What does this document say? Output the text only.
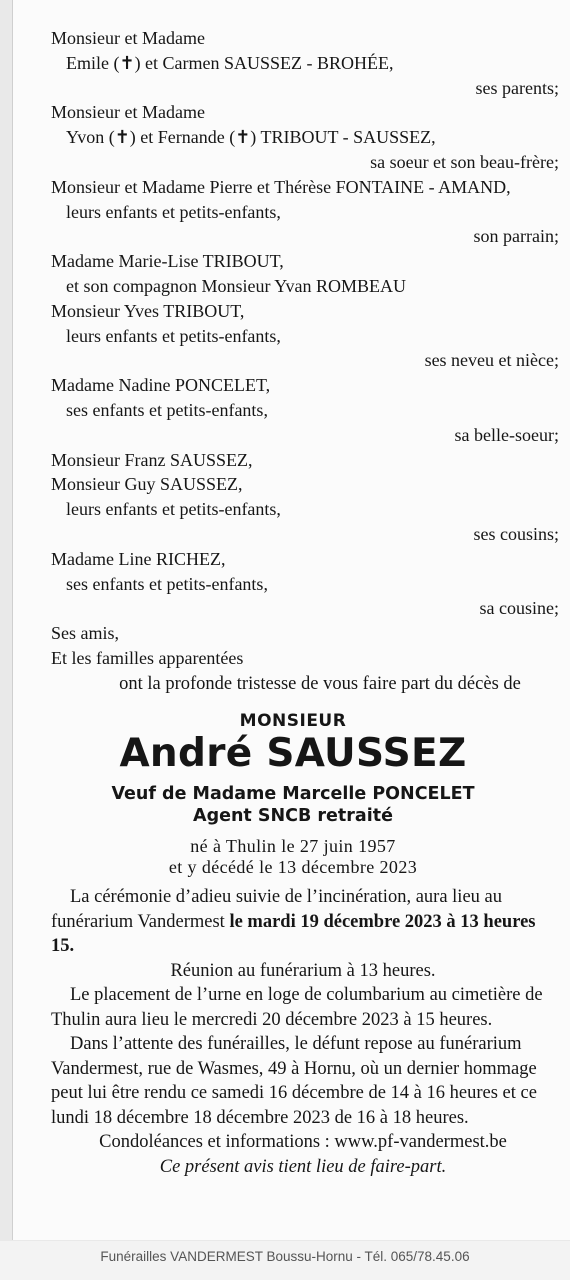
Monsieur et Madame
Emile (✝) et Carmen SAUSSEZ - BROHÉE,
ses parents;
Monsieur et Madame
Yvon (✝) et Fernande (✝) TRIBOUT - SAUSSEZ,
sa soeur et son beau-frère;
Monsieur et Madame Pierre et Thérèse FONTAINE - AMAND,
leurs enfants et petits-enfants,
son parrain;
Madame Marie-Lise TRIBOUT,
et son compagnon Monsieur Yvan ROMBEAU
Monsieur Yves TRIBOUT,
leurs enfants et petits-enfants,
ses neveu et nièce;
Madame Nadine PONCELET,
ses enfants et petits-enfants,
sa belle-soeur;
Monsieur Franz SAUSSEZ,
Monsieur Guy SAUSSEZ,
leurs enfants et petits-enfants,
ses cousins;
Madame Line RICHEZ,
ses enfants et petits-enfants,
sa cousine;
Ses amis,
Et les familles apparentées
ont la profonde tristesse de vous faire part du décès de
MONSIEUR
André SAUSSEZ
Veuf de Madame Marcelle PONCELET
Agent SNCB retraité
né à Thulin le 27 juin 1957
et y décédé le 13 décembre 2023

La cérémonie d’adieu suivie de l’incinération, aura lieu au funérarium Vandermest le mardi 19 décembre 2023 à 13 heures 15.

Réunion au funérarium à 13 heures.

Le placement de l’urne en loge de columbarium au cimetière de Thulin aura lieu le mercredi 20 décembre 2023 à 15 heures.

Dans l’attente des funérailles, le défunt repose au funérarium Vandermest, rue de Wasmes, 49 à Hornu, où un dernier hommage peut lui être rendu ce samedi 16 décembre de 14 à 16 heures et ce lundi 18 décembre 18 décembre 2023 de 16 à 18 heures.

Condoléances et informations : www.pf-vandermest.be

Ce présent avis tient lieu de faire-part.

Funérailles VANDERMEST Boussu-Hornu - Tél. 065/78.45.06
